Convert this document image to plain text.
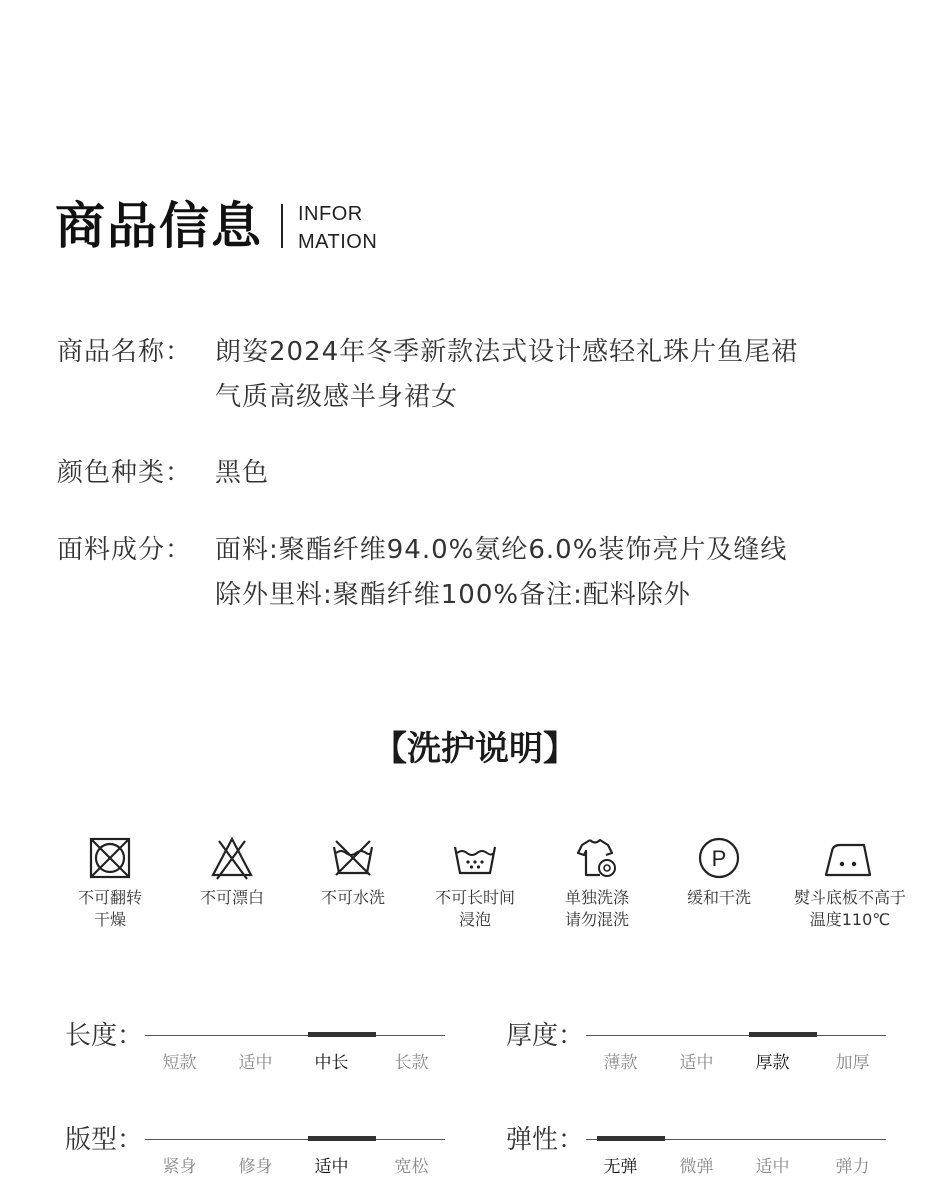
商品信息 INFOR
MATION
商品名称： 朗姿2024年冬季新款法式设计感轻礼珠片鱼尾裙
气质高级感半身裙女
颜色种类： 黑色
面料成分： 面料:聚酯纤维94.0%氨纶6.0%装饰亮片及缝线
除外里料:聚酯纤维100%备注:配料除外
【洗护说明】
不可翻转
干燥
不可漂白	不可水洗	不可长时间
浸泡
单独洗涤
请勿混洗
P
缓和干洗	熨斗底板不高于
温度110℃
长度：
短款	适中	中长	长款
厚度：
薄款	适中	厚款	加厚
版型：
紧身	修身	适中	宽松
弹性：
无弹	微弹	适中	弹力
